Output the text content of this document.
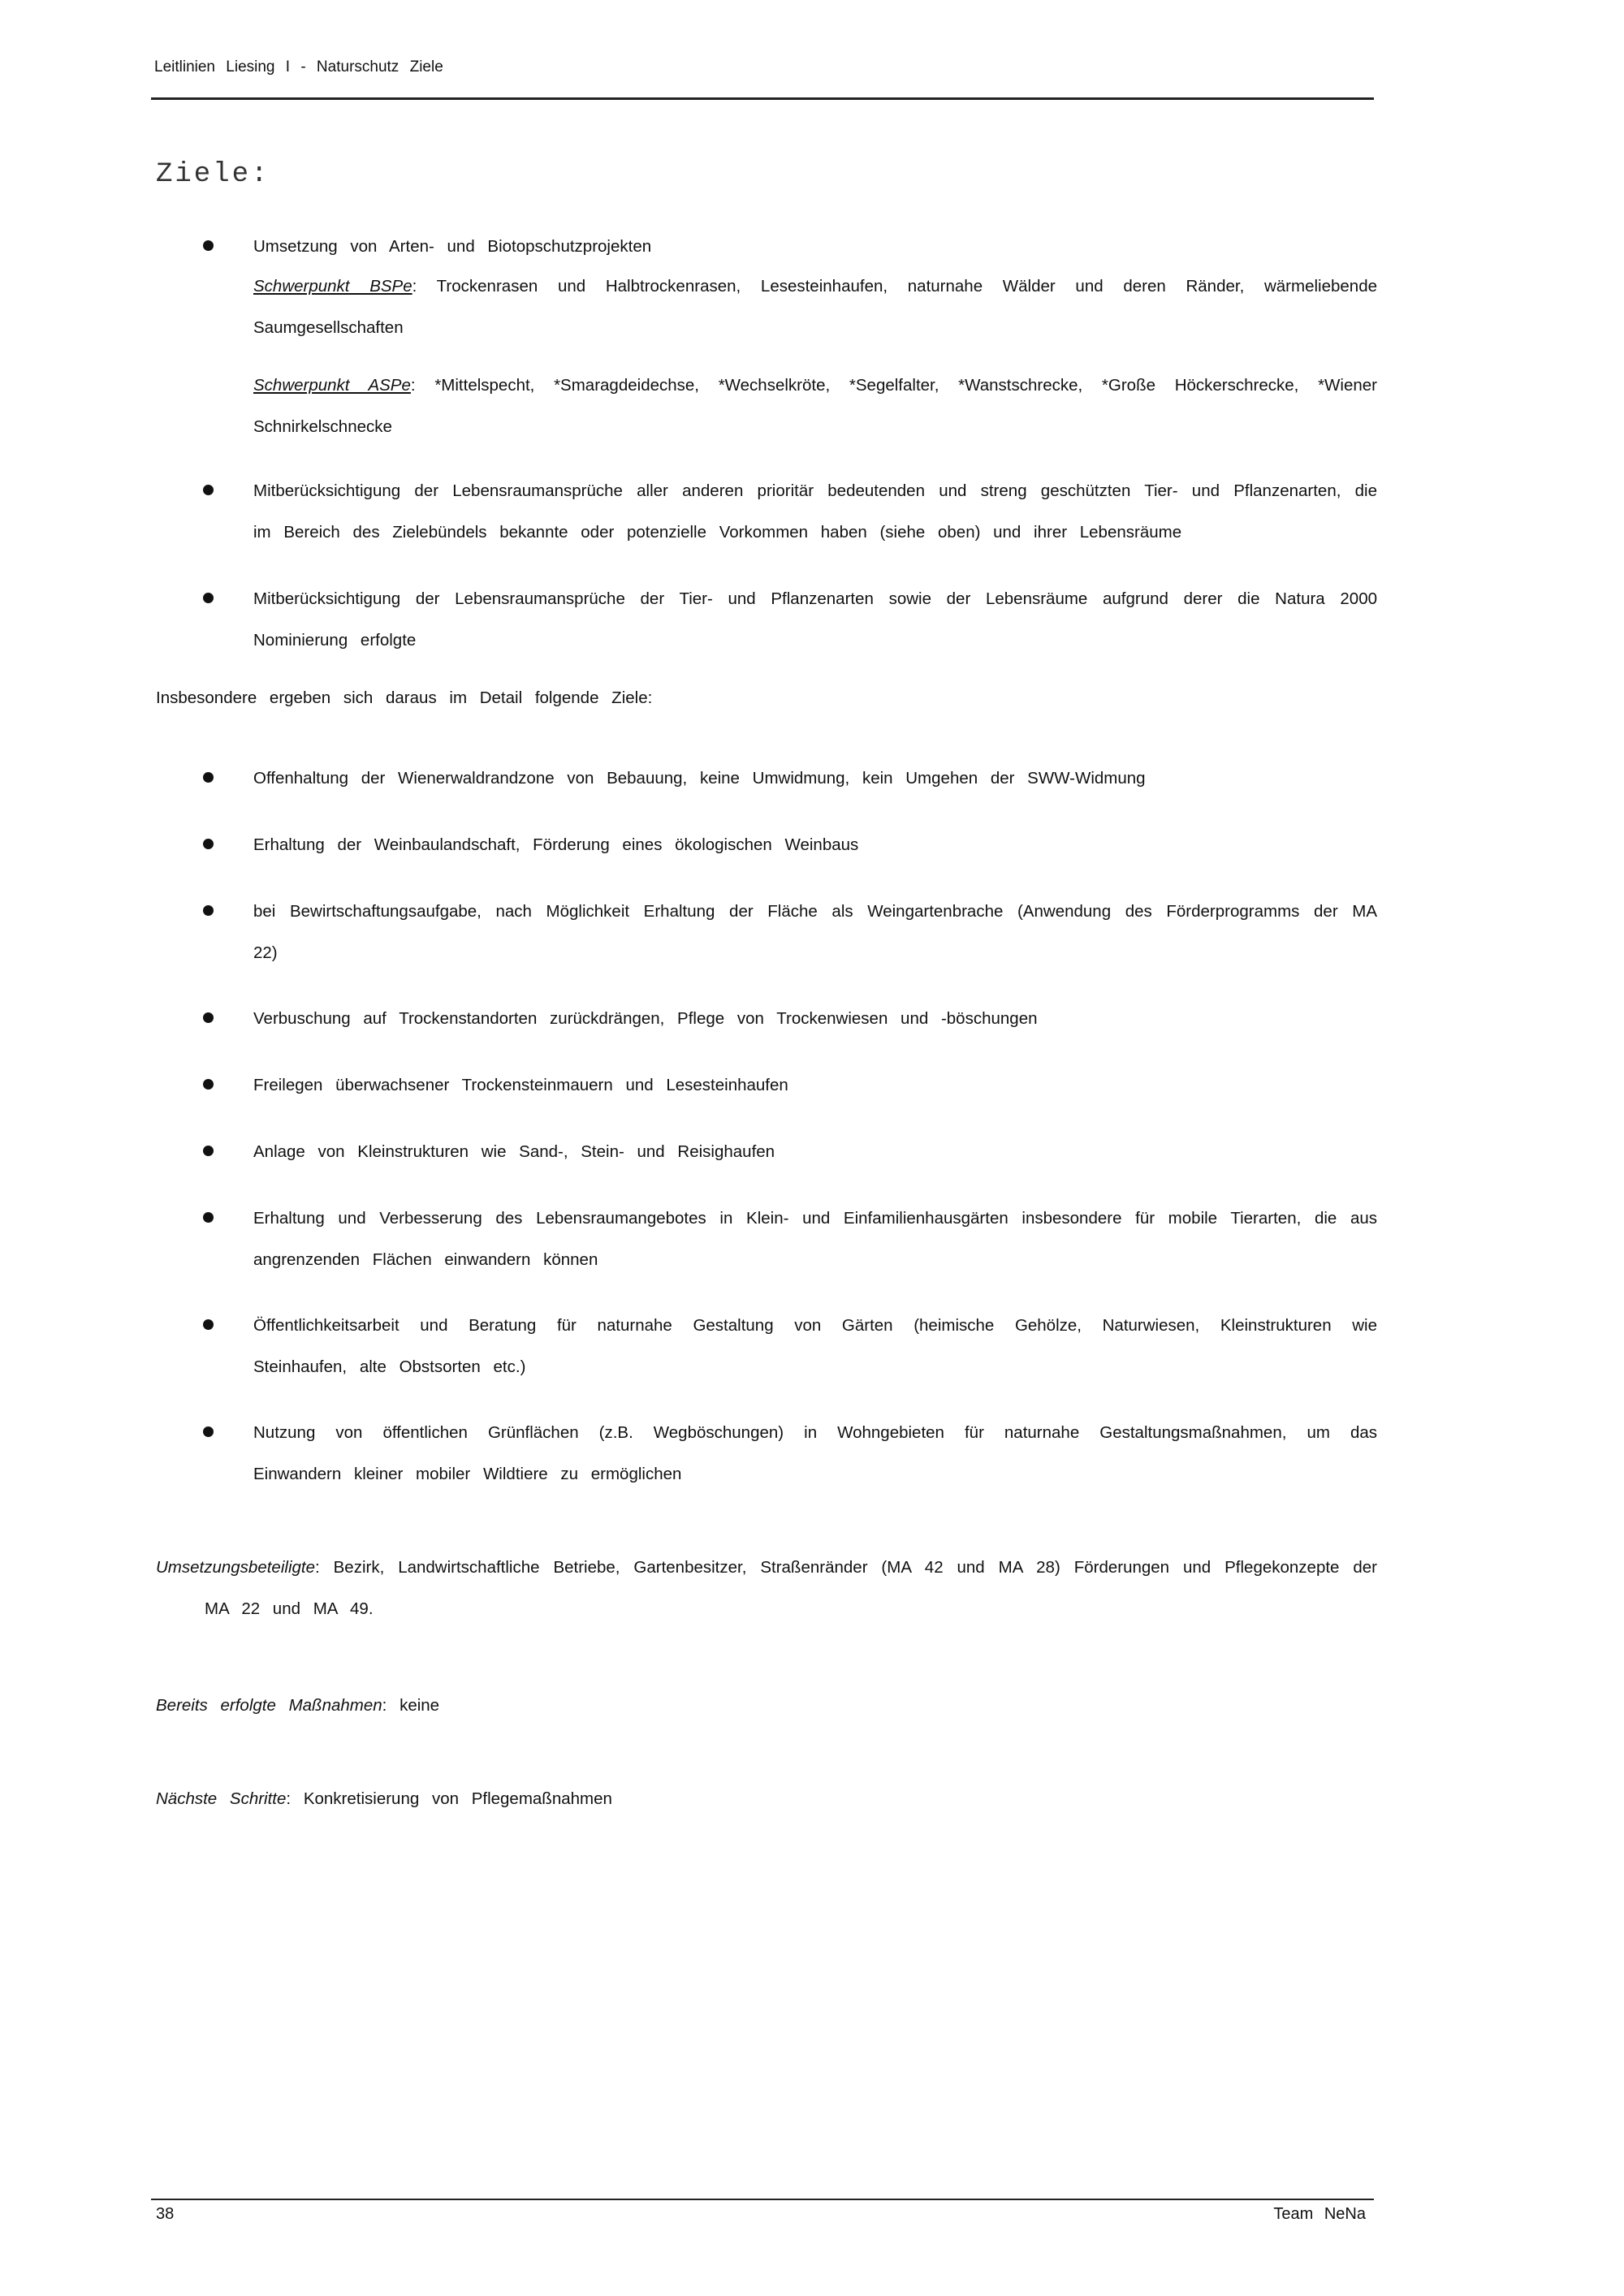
Leitlinien Liesing I - Naturschutz Ziele
Ziele:
Umsetzung von Arten- und Biotopschutzprojekten
Schwerpunkt BSPe: Trockenrasen und Halbtrockenrasen, Lesesteinhaufen, naturnahe Wälder und deren Ränder, wärmeliebende Saumgesellschaften
Schwerpunkt ASPe: *Mittelspecht, *Smaragdeidechse, *Wechselkröte, *Segelfalter, *Wanstschrecke, *Große Höckerschrecke, *Wiener Schnirkelschnecke
Mitberücksichtigung der Lebensraumansprüche aller anderen prioritär bedeutenden und streng geschützten Tier- und Pflanzenarten, die im Bereich des Zielebündels bekannte oder potenzielle Vorkommen haben (siehe oben) und ihrer Lebensräume
Mitberücksichtigung der Lebensraumansprüche der Tier- und Pflanzenarten sowie der Lebensräume aufgrund derer die Natura 2000 Nominierung erfolgte
Insbesondere ergeben sich daraus im Detail folgende Ziele:
Offenhaltung der Wienerwaldrandzone von Bebauung, keine Umwidmung, kein Umgehen der SWW-Widmung
Erhaltung der Weinbaulandschaft, Förderung eines ökologischen Weinbaus
bei Bewirtschaftungsaufgabe, nach Möglichkeit Erhaltung der Fläche als Weingartenbrache (Anwendung des Förderprogramms der MA 22)
Verbuschung auf Trockenstandorten zurückdrängen, Pflege von Trockenwiesen und -böschungen
Freilegen überwachsener Trockensteinmauern und Lesesteinhaufen
Anlage von Kleinstrukturen wie Sand-, Stein- und Reisighaufen
Erhaltung und Verbesserung des Lebensraumangebotes in Klein- und Einfamilienhausgärten insbesondere für mobile Tierarten, die aus angrenzenden Flächen einwandern können
Öffentlichkeitsarbeit und Beratung für naturnahe Gestaltung von Gärten (heimische Gehölze, Naturwiesen, Kleinstrukturen wie Steinhaufen, alte Obstsorten etc.)
Nutzung von öffentlichen Grünflächen (z.B. Wegböschungen) in Wohngebieten für naturnahe Gestaltungsmaßnahmen, um das Einwandern kleiner mobiler Wildtiere zu ermöglichen
Umsetzungsbeteiligte: Bezirk, Landwirtschaftliche Betriebe, Gartenbesitzer, Straßenränder (MA 42 und MA 28) Förderungen und Pflegekonzepte der MA 22 und MA 49.
Bereits erfolgte Maßnahmen: keine
Nächste Schritte: Konkretisierung von Pflegemaßnahmen
38	Team NeNa
